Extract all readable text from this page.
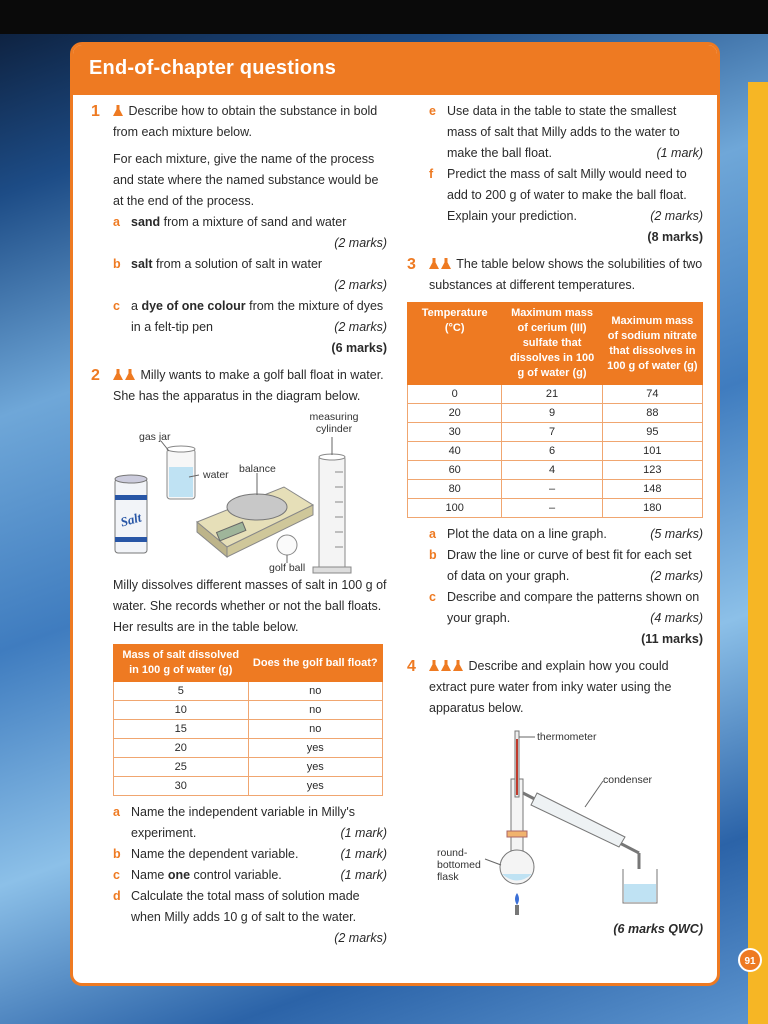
End-of-chapter questions
1	Describe how to obtain the substance in bold from each mixture below.

For each mixture, give the name of the process and state where the named substance would be at the end of the process.

a sand from a mixture of sand and water

(2 marks)
b salt from a solution of salt in water

(2 marks)
c a dye of one colour from the mixture of dyes in a felt-tip pen	(2 marks)
(6 marks)
2	Milly wants to make a golf ball float in water. She has the apparatus in the diagram below.

Salt
measuring cylinder
gas jar
water balance
golf ball

Milly dissolves different masses of salt in 100 g of water. She records whether or not the ball floats. Her results are in the table below.

Mass of salt dissolved in 100 g of water (g)	Does the golf ball float?
5	no
10	no
15	no
20	yes
25	yes
30	yes
a Name the independent variable in Milly's experiment.	(1 mark)
b Name the dependent variable.	(1 mark)
c Name one control variable.	(1 mark)
d Calculate the total mass of solution made when Milly adds 10 g of salt to the water.

(2 marks)
e Use data in the table to state the smallest mass of salt that Milly adds to the water to make the ball float.	(1 mark)
f Predict the mass of salt Milly would need to add to 200 g of water to make the ball float. Explain your prediction.	(2 marks)
(8 marks)
3	The table below shows the solubilities of two substances at different temperatures.

Temperature (°C)	Maximum mass of cerium (III) sulfate that dissolves in 100 g of water (g)	Maximum mass of sodium nitrate that dissolves in 100 g of water (g)
0	21	74
20	9	88
30	7	95
40	6	101
60	4	123
80	–	148
100	–	180
a Plot the data on a line graph.	(5 marks)
b Draw the line or curve of best fit for each set of data on your graph.	(2 marks)
c Describe and compare the patterns shown on your graph.	(4 marks)
(11 marks)
4	Describe and explain how you could extract pure water from inky water using the apparatus below.

thermometer
condenser
round-bottomed flask
(6 marks QWC)
91
